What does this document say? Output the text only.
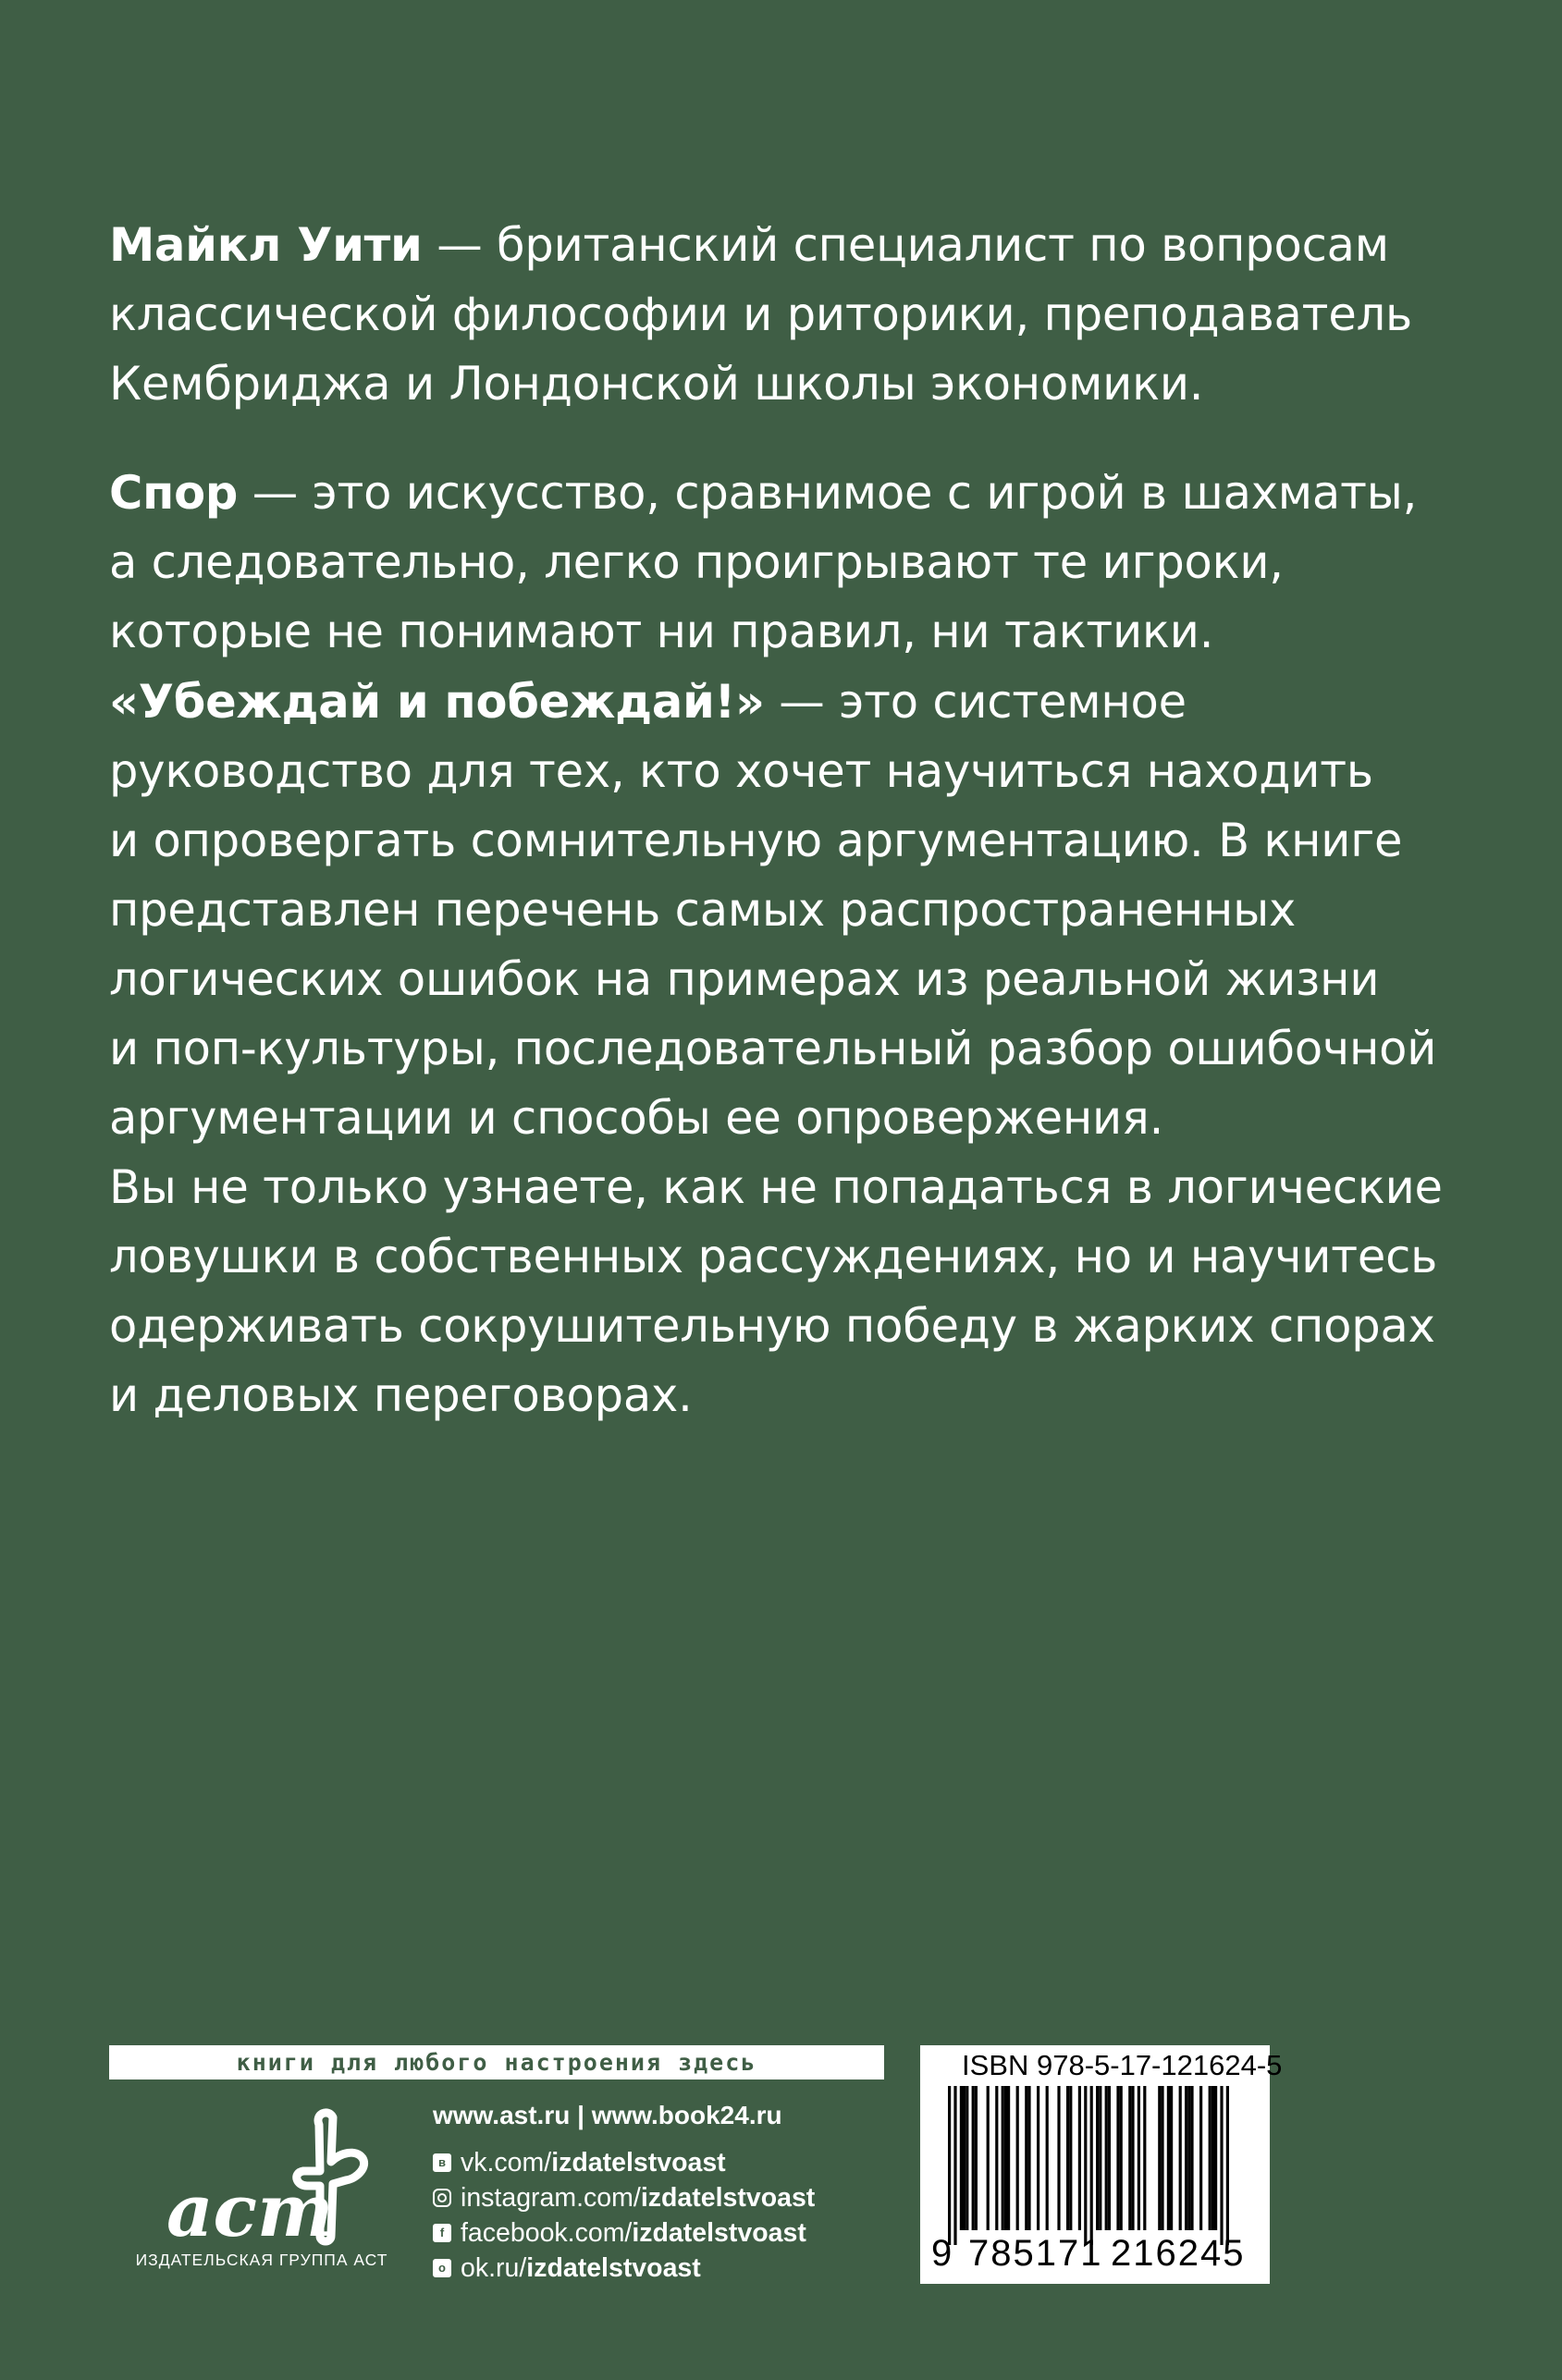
Майкл Уити — британский специалист по вопросам
классической философии и риторики, преподаватель
Кембриджа и Лондонской школы экономики.
Спор — это искусство, сравнимое с игрой в шахматы,
а следовательно, легко проигрывают те игроки,
которые не понимают ни правил, ни тактики.
«Убеждай и побеждай!» — это системное
руководство для тех, кто хочет научиться находить
и опровергать сомнительную аргументацию. В книге
представлен перечень самых распространенных
логических ошибок на примерах из реальной жизни
и поп-культуры, последовательный разбор ошибочной
аргументации и способы ее опровержения.
Вы не только узнаете, как не попадаться в логические
ловушки в собственных рассуждениях, но и научитесь
одерживать сокрушительную победу в жарких спорах
и деловых переговорах.
книги для любого настроения здесь
аст
ИЗДАТЕЛЬСКАЯ ГРУППА АСТ
www.ast.ru | www.book24.ru
в vk.com/ izdatelstvoast
instagram.com/ izdatelstvoast
f facebook.com/ izdatelstvoast
о ok.ru/ izdatelstvoast
ISBN 978-5-17-121624-5
9 785171 216245
